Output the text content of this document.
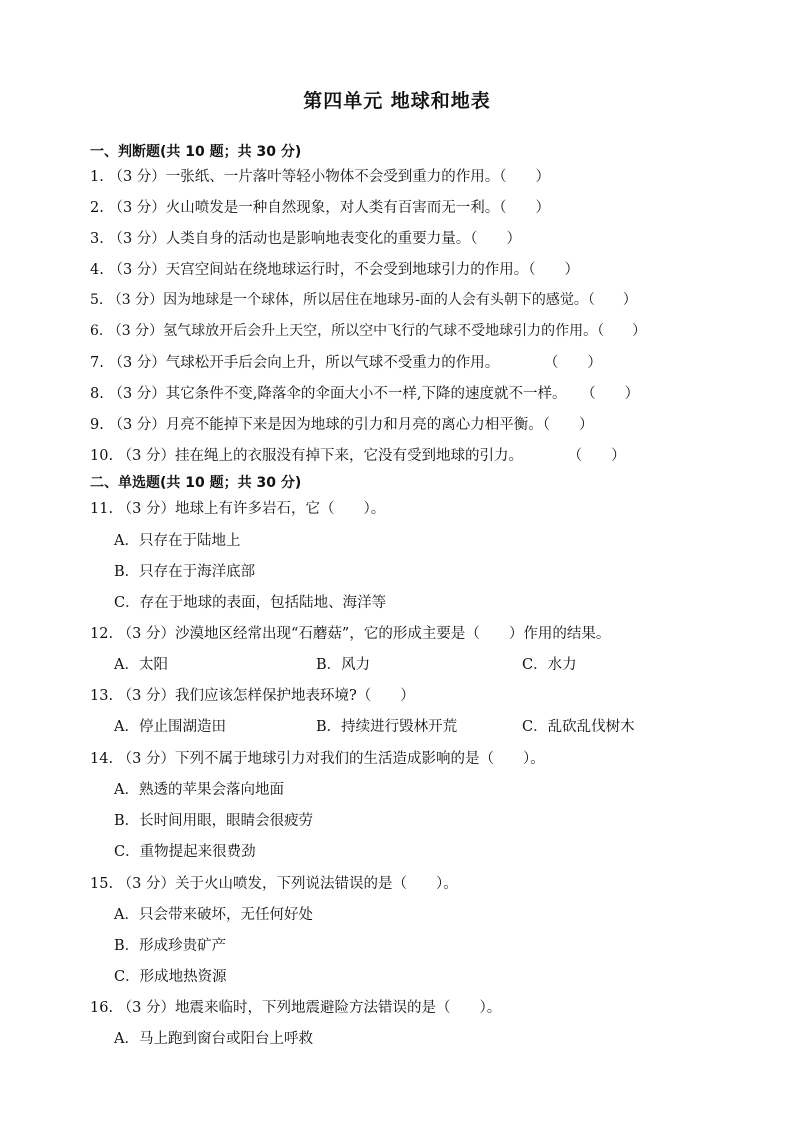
第四单元 地球和地表
一、判断题(共 10 题；共 30 分)
1. （3 分）一张纸、一片落叶等轻小物体不会受到重力的作用。（　　）
2. （3 分）火山喷发是一种自然现象，对人类有百害而无一利。（　　）
3. （3 分）人类自身的活动也是影响地表变化的重要力量。（　　）
4. （3 分）天宫空间站在绕地球运行时，不会受到地球引力的作用。（　　）
5. （3 分）因为地球是一个球体，所以居住在地球另-面的人会有头朝下的感觉。（　　）
6. （3 分）氢气球放开后会升上天空，所以空中飞行的气球不受地球引力的作用。（　　）
7. （3 分）气球松开手后会向上升，所以气球不受重力的作用。	（　　）
8. （3 分）其它条件不变,降落伞的伞面大小不一样,下降的速度就不一样。 （　　）
9. （3 分）月亮不能掉下来是因为地球的引力和月亮的离心力相平衡。（　　）
10. （3 分）挂在绳上的衣服没有掉下来，它没有受到地球的引力。	（　　）
二、单选题(共 10 题；共 30 分)
11. （3 分）地球上有许多岩石，它（　　）。
A．只存在于陆地上
B．只存在于海洋底部
C．存在于地球的表面，包括陆地、海洋等
12. （3 分）沙漠地区经常出现“石蘑菇”，它的形成主要是（　　）作用的结果。
A．太阳	B．风力	C．水力
13. （3 分）我们应该怎样保护地表环境?（　　）
A．停止围湖造田	B．持续进行毁林开荒	C．乱砍乱伐树木
14. （3 分）下列不属于地球引力对我们的生活造成影响的是（　　）。
A．熟透的苹果会落向地面
B．长时间用眼，眼睛会很疲劳
C．重物提起来很费劲
15. （3 分）关于火山喷发，下列说法错误的是（　　）。
A．只会带来破坏，无任何好处
B．形成珍贵矿产
C．形成地热资源
16. （3 分）地震来临时，下列地震避险方法错误的是（　　）。
A．马上跑到窗台或阳台上呼救
